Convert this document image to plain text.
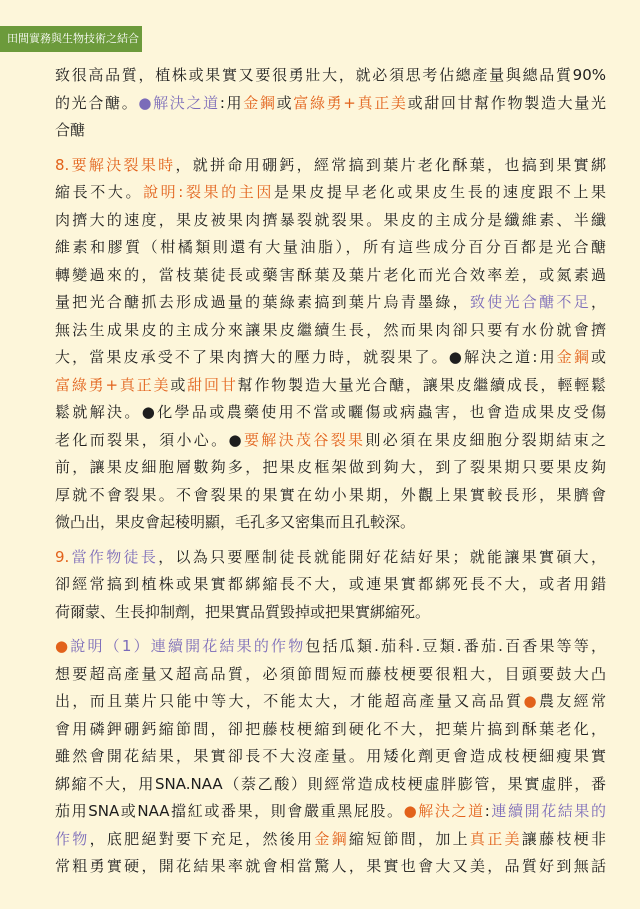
田間實務與生物技術之結合
致很高品質，植株或果實又要很勇壯大，就必須思考佔總產量與總品質90%
的光合醣。●解決之道:用金鋼或富綠勇+真正美或甜回甘幫作物製造大量光
合醣
8.要解決裂果時，就拼命用硼鈣，經常搞到葉片老化酥葉，也搞到果實綁
縮長不大。說明:裂果的主因是果皮提早老化或果皮生長的速度跟不上果
肉擠大的速度，果皮被果肉擠暴裂就裂果。果皮的主成分是纖維素、半纖
維素和膠質（柑橘類則還有大量油脂），所有這些成分百分百都是光合醣
轉變過來的，當枝葉徒長或藥害酥葉及葉片老化而光合效率差，或氮素過
量把光合醣抓去形成過量的葉綠素搞到葉片烏青墨綠，致使光合醣不足，
無法生成果皮的主成分來讓果皮繼續生長，然而果肉卻只要有水份就會擠
大，當果皮承受不了果肉擠大的壓力時，就裂果了。●解決之道:用金鋼或
富綠勇+真正美或甜回甘幫作物製造大量光合醣，讓果皮繼續成長，輕輕鬆
鬆就解決。●化學品或農藥使用不當或曬傷或病蟲害，也會造成果皮受傷
老化而裂果，須小心。●要解決茂谷裂果則必須在果皮細胞分裂期結束之
前，讓果皮細胞層數夠多，把果皮框架做到夠大，到了裂果期只要果皮夠
厚就不會裂果。不會裂果的果實在幼小果期，外觀上果實較長形，果臍會
微凸出，果皮會起稜明顯，毛孔多又密集而且孔較深。
9.當作物徒長，以為只要壓制徒長就能開好花結好果；就能讓果實碩大，
卻經常搞到植株或果實都綁縮長不大，或連果實都綁死長不大，或者用錯
荷爾蒙、生長抑制劑，把果實品質毀掉或把果實綁縮死。
●說明（1）連續開花結果的作物包括瓜類.茄科.豆類.番茄.百香果等等，
想要超高產量又超高品質，必須節間短而藤枝梗要很粗大，目頭要鼓大凸
出，而且葉片只能中等大，不能太大，才能超高產量又高品質●農友經常
會用磷鉀硼鈣縮節間，卻把藤枝梗縮到硬化不大，把葉片搞到酥葉老化，
雖然會開花結果，果實卻長不大沒產量。用矮化劑更會造成枝梗細瘦果實
綁縮不大，用SNA.NAA（萘乙酸）則經常造成枝梗虛胖膨管，果實虛胖，番
茄用SNA或NAA擋紅或番果，則會嚴重黑屁股。●解決之道:連續開花結果的
作物，底肥絕對要下充足，然後用金鋼縮短節間，加上真正美讓藤枝梗非
常粗勇實硬，開花結果率就會相當驚人，果實也會大又美，品質好到無話
